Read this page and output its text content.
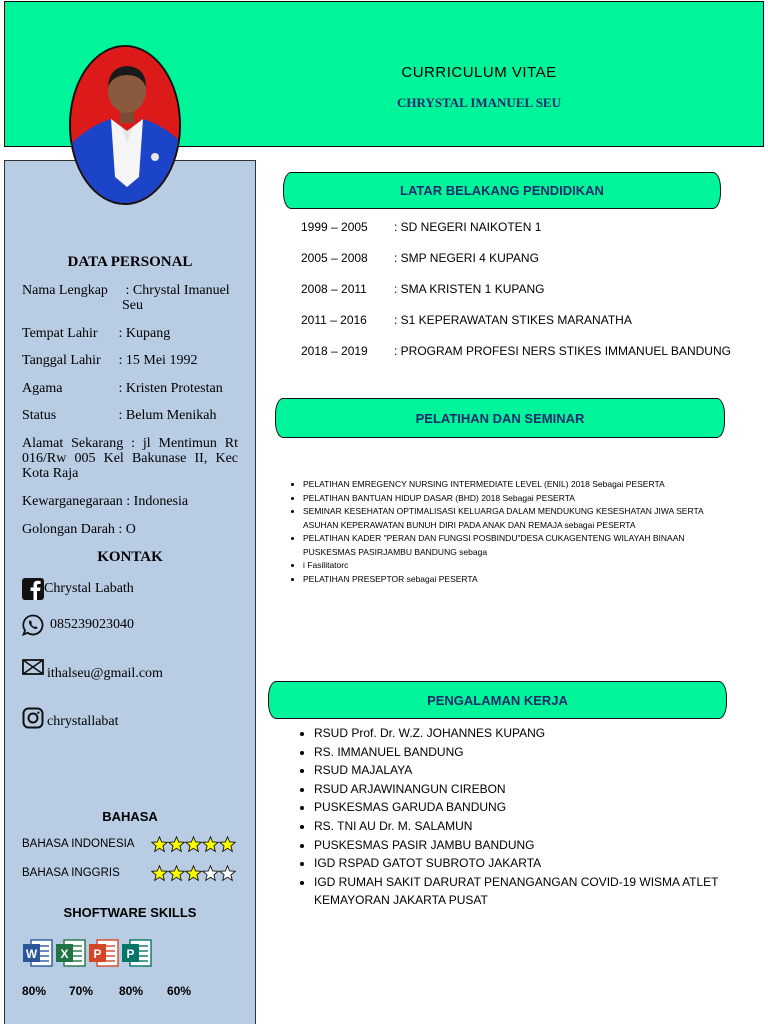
CURRICULUM VITAE
CHRYSTAL IMANUEL SEU
DATA PERSONAL
Nama Lengkap : Chrystal Imanuel
Seu
Tempat Lahir : Kupang
Tanggal Lahir : 15 Mei 1992
Agama	: Kristen Protestan
Status	: Belum Menikah
Alamat Sekarang : jl Mentimun Rt 016/Rw 005 Kel Bakunase II, Kec Kota Raja
Kewarganegaraan : Indonesia
Golongan Darah : O
KONTAK
Chrystal Labath
085239023040
ithalseu@gmail.com
chrystallabat
BAHASA
BAHASA INDONESIA
BAHASA INGGRIS
SHOFTWARE SKILLS
W X P P
80% 70% 80% 60%
LATAR BELAKANG PENDIDIKAN
1999 – 2005 : SD NEGERI NAIKOTEN 1
2005 – 2008 : SMP NEGERI 4 KUPANG
2008 – 2011 : SMA KRISTEN 1 KUPANG
2011 – 2016 : S1 KEPERAWATAN STIKES MARANATHA
2018 – 2019 : PROGRAM PROFESI NERS STIKES IMMANUEL BANDUNG
PELATIHAN DAN SEMINAR
• PELATIHAN EMREGENCY NURSING INTERMEDIATE LEVEL (ENIL) 2018 Sebagai PESERTA
• PELATIHAN BANTUAN HIDUP DASAR (BHD) 2018 Sebagai PESERTA
• SEMINAR KESEHATAN OPTIMALISASI KELUARGA DALAM MENDUKUNG KESESHATAN JIWA SERTA ASUHAN KEPERAWATAN BUNUH DIRI PADA ANAK DAN REMAJA sebagai PESERTA
• PELATIHAN KADER "PERAN DAN FUNGSI POSBINDU"DESA CUKAGENTENG WILAYAH BINAAN PUSKESMAS PASIRJAMBU BANDUNG sebaga
• i Fasilitatorc
• PELATIHAN PRESEPTOR sebagai PESERTA
PENGALAMAN KERJA
• RSUD Prof. Dr. W.Z. JOHANNES KUPANG
• RS. IMMANUEL BANDUNG
• RSUD MAJALAYA
• RSUD ARJAWINANGUN CIREBON
• PUSKESMAS GARUDA BANDUNG
• RS. TNI AU Dr. M. SALAMUN
• PUSKESMAS PASIR JAMBU BANDUNG
• IGD RSPAD GATOT SUBROTO JAKARTA
• IGD RUMAH SAKIT DARURAT PENANGANGAN COVID-19 WISMA ATLET KEMAYORAN JAKARTA PUSAT
